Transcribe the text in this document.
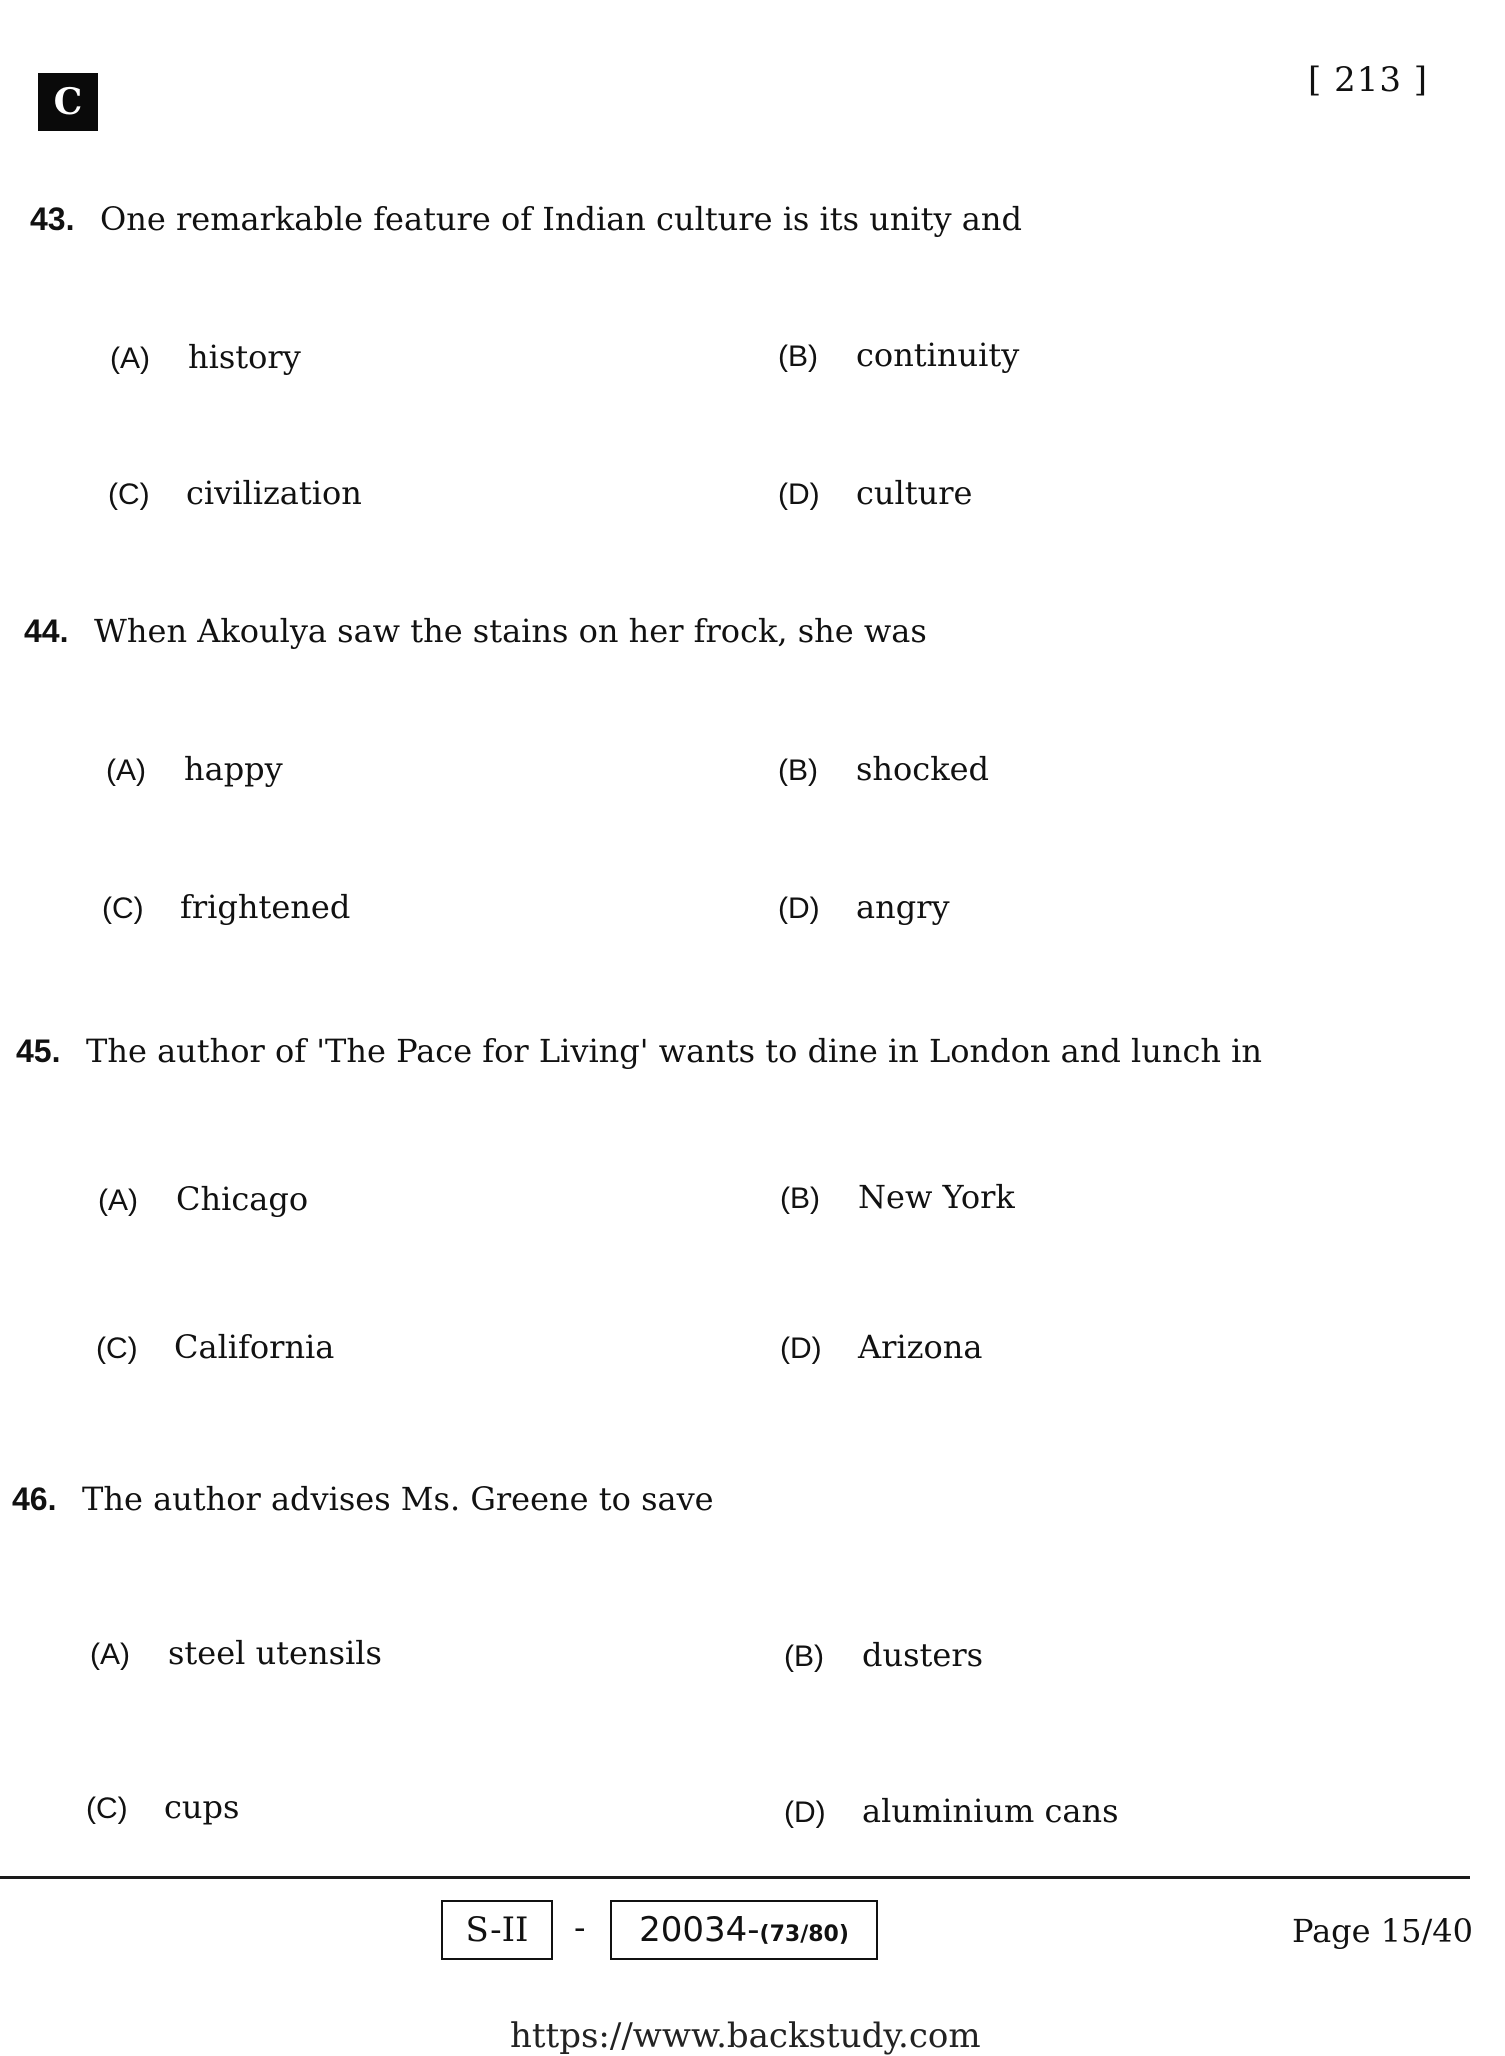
C
[ 213 ]
43. One remarkable feature of Indian culture is its unity and
(A) history	(B) continuity
(C) civilization	(D) culture
44. When Akoulya saw the stains on her frock, she was
(A) happy	(B) shocked
(C) frightened	(D) angry
45. The author of 'The Pace for Living' wants to dine in London and lunch in
(A) Chicago	(B) New York
(C) California	(D) Arizona
46. The author advises Ms. Greene to save
(A) steel utensils	(B) dusters
(C) cups	(D) aluminium cans
S-II	-	20034-(73/80)	Page 15/40
https://www.backstudy.com
